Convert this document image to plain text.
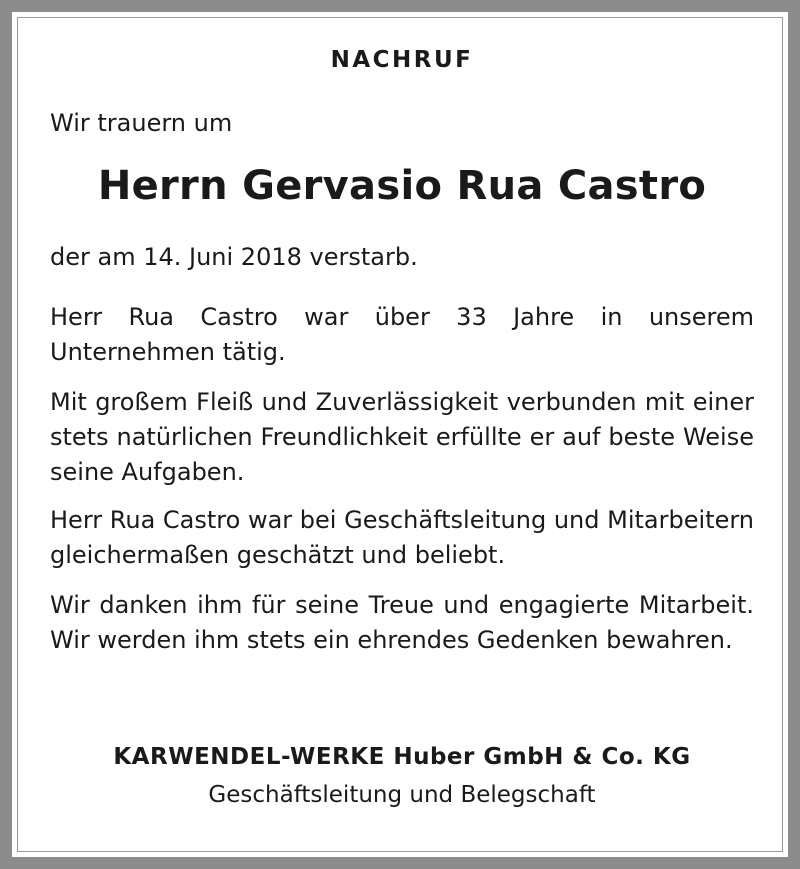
NACHRUF
Wir trauern um
Herrn Gervasio Rua Castro
der am 14. Juni 2018 verstarb.
Herr Rua Castro war über 33 Jahre in unserem Unternehmen tätig.
Mit großem Fleiß und Zuverlässigkeit verbunden mit einer stets natürlichen Freundlichkeit erfüllte er auf beste Weise seine Aufgaben.
Herr Rua Castro war bei Geschäftsleitung und Mitarbeitern gleichermaßen geschätzt und beliebt.
Wir danken ihm für seine Treue und engagierte Mitarbeit. Wir werden ihm stets ein ehrendes Gedenken bewahren.
KARWENDEL-WERKE Huber GmbH & Co. KG
Geschäftsleitung und Belegschaft
